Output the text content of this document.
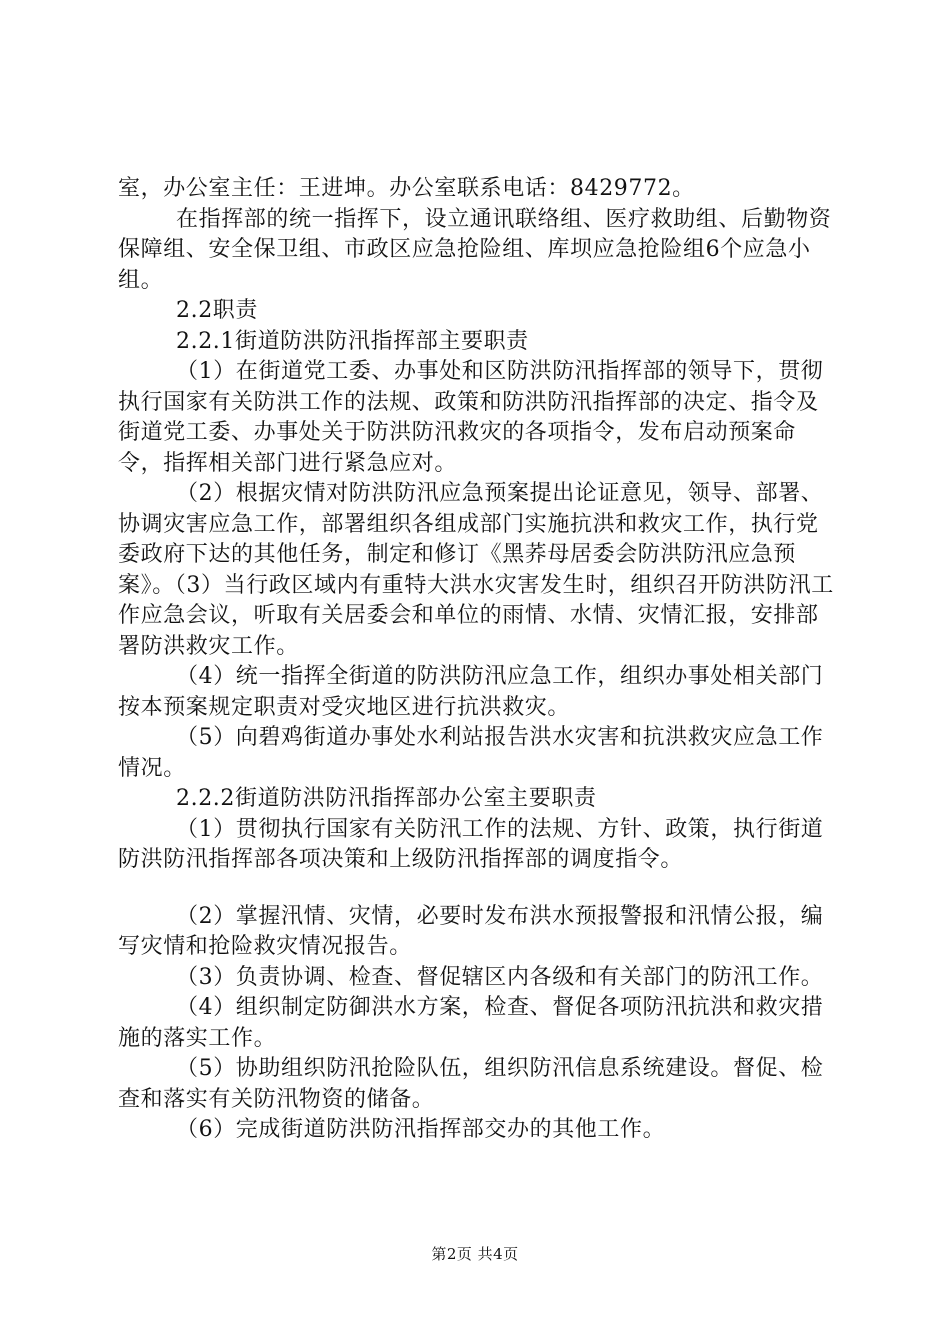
室，办公室主任：王进坤。办公室联系电话：8429772。

在指挥部的统一指挥下，设立通讯联络组、医疗救助组、后勤物资保障组、安全保卫组、市政区应急抢险组、库坝应急抢险组6个应急小组。

2.2职责

2.2.1街道防洪防汛指挥部主要职责

（1）在街道党工委、办事处和区防洪防汛指挥部的领导下，贯彻执行国家有关防洪工作的法规、政策和防洪防汛指挥部的决定、指令及街道党工委、办事处关于防洪防汛救灾的各项指令，发布启动预案命令，指挥相关部门进行紧急应对。

（2）根据灾情对防洪防汛应急预案提出论证意见，领导、部署、协调灾害应急工作，部署组织各组成部门实施抗洪和救灾工作，执行党委政府下达的其他任务，制定和修订《黑荞母居委会防洪防汛应急预案》。（3）当行政区域内有重特大洪水灾害发生时，组织召开防洪防汛工作应急会议，听取有关居委会和单位的雨情、水情、灾情汇报，安排部署防洪救灾工作。

（4）统一指挥全街道的防洪防汛应急工作，组织办事处相关部门按本预案规定职责对受灾地区进行抗洪救灾。

（5）向碧鸡街道办事处水利站报告洪水灾害和抗洪救灾应急工作情况。

2.2.2街道防洪防汛指挥部办公室主要职责

（1）贯彻执行国家有关防汛工作的法规、方针、政策，执行街道防洪防汛指挥部各项决策和上级防汛指挥部的调度指令。

（2）掌握汛情、灾情，必要时发布洪水预报警报和汛情公报，编写灾情和抢险救灾情况报告。

（3）负责协调、检查、督促辖区内各级和有关部门的防汛工作。

（4）组织制定防御洪水方案，检查、督促各项防汛抗洪和救灾措施的落实工作。

（5）协助组织防汛抢险队伍，组织防汛信息系统建设。督促、检查和落实有关防汛物资的储备。

（6）完成街道防洪防汛指挥部交办的其他工作。

第2页 共4页
